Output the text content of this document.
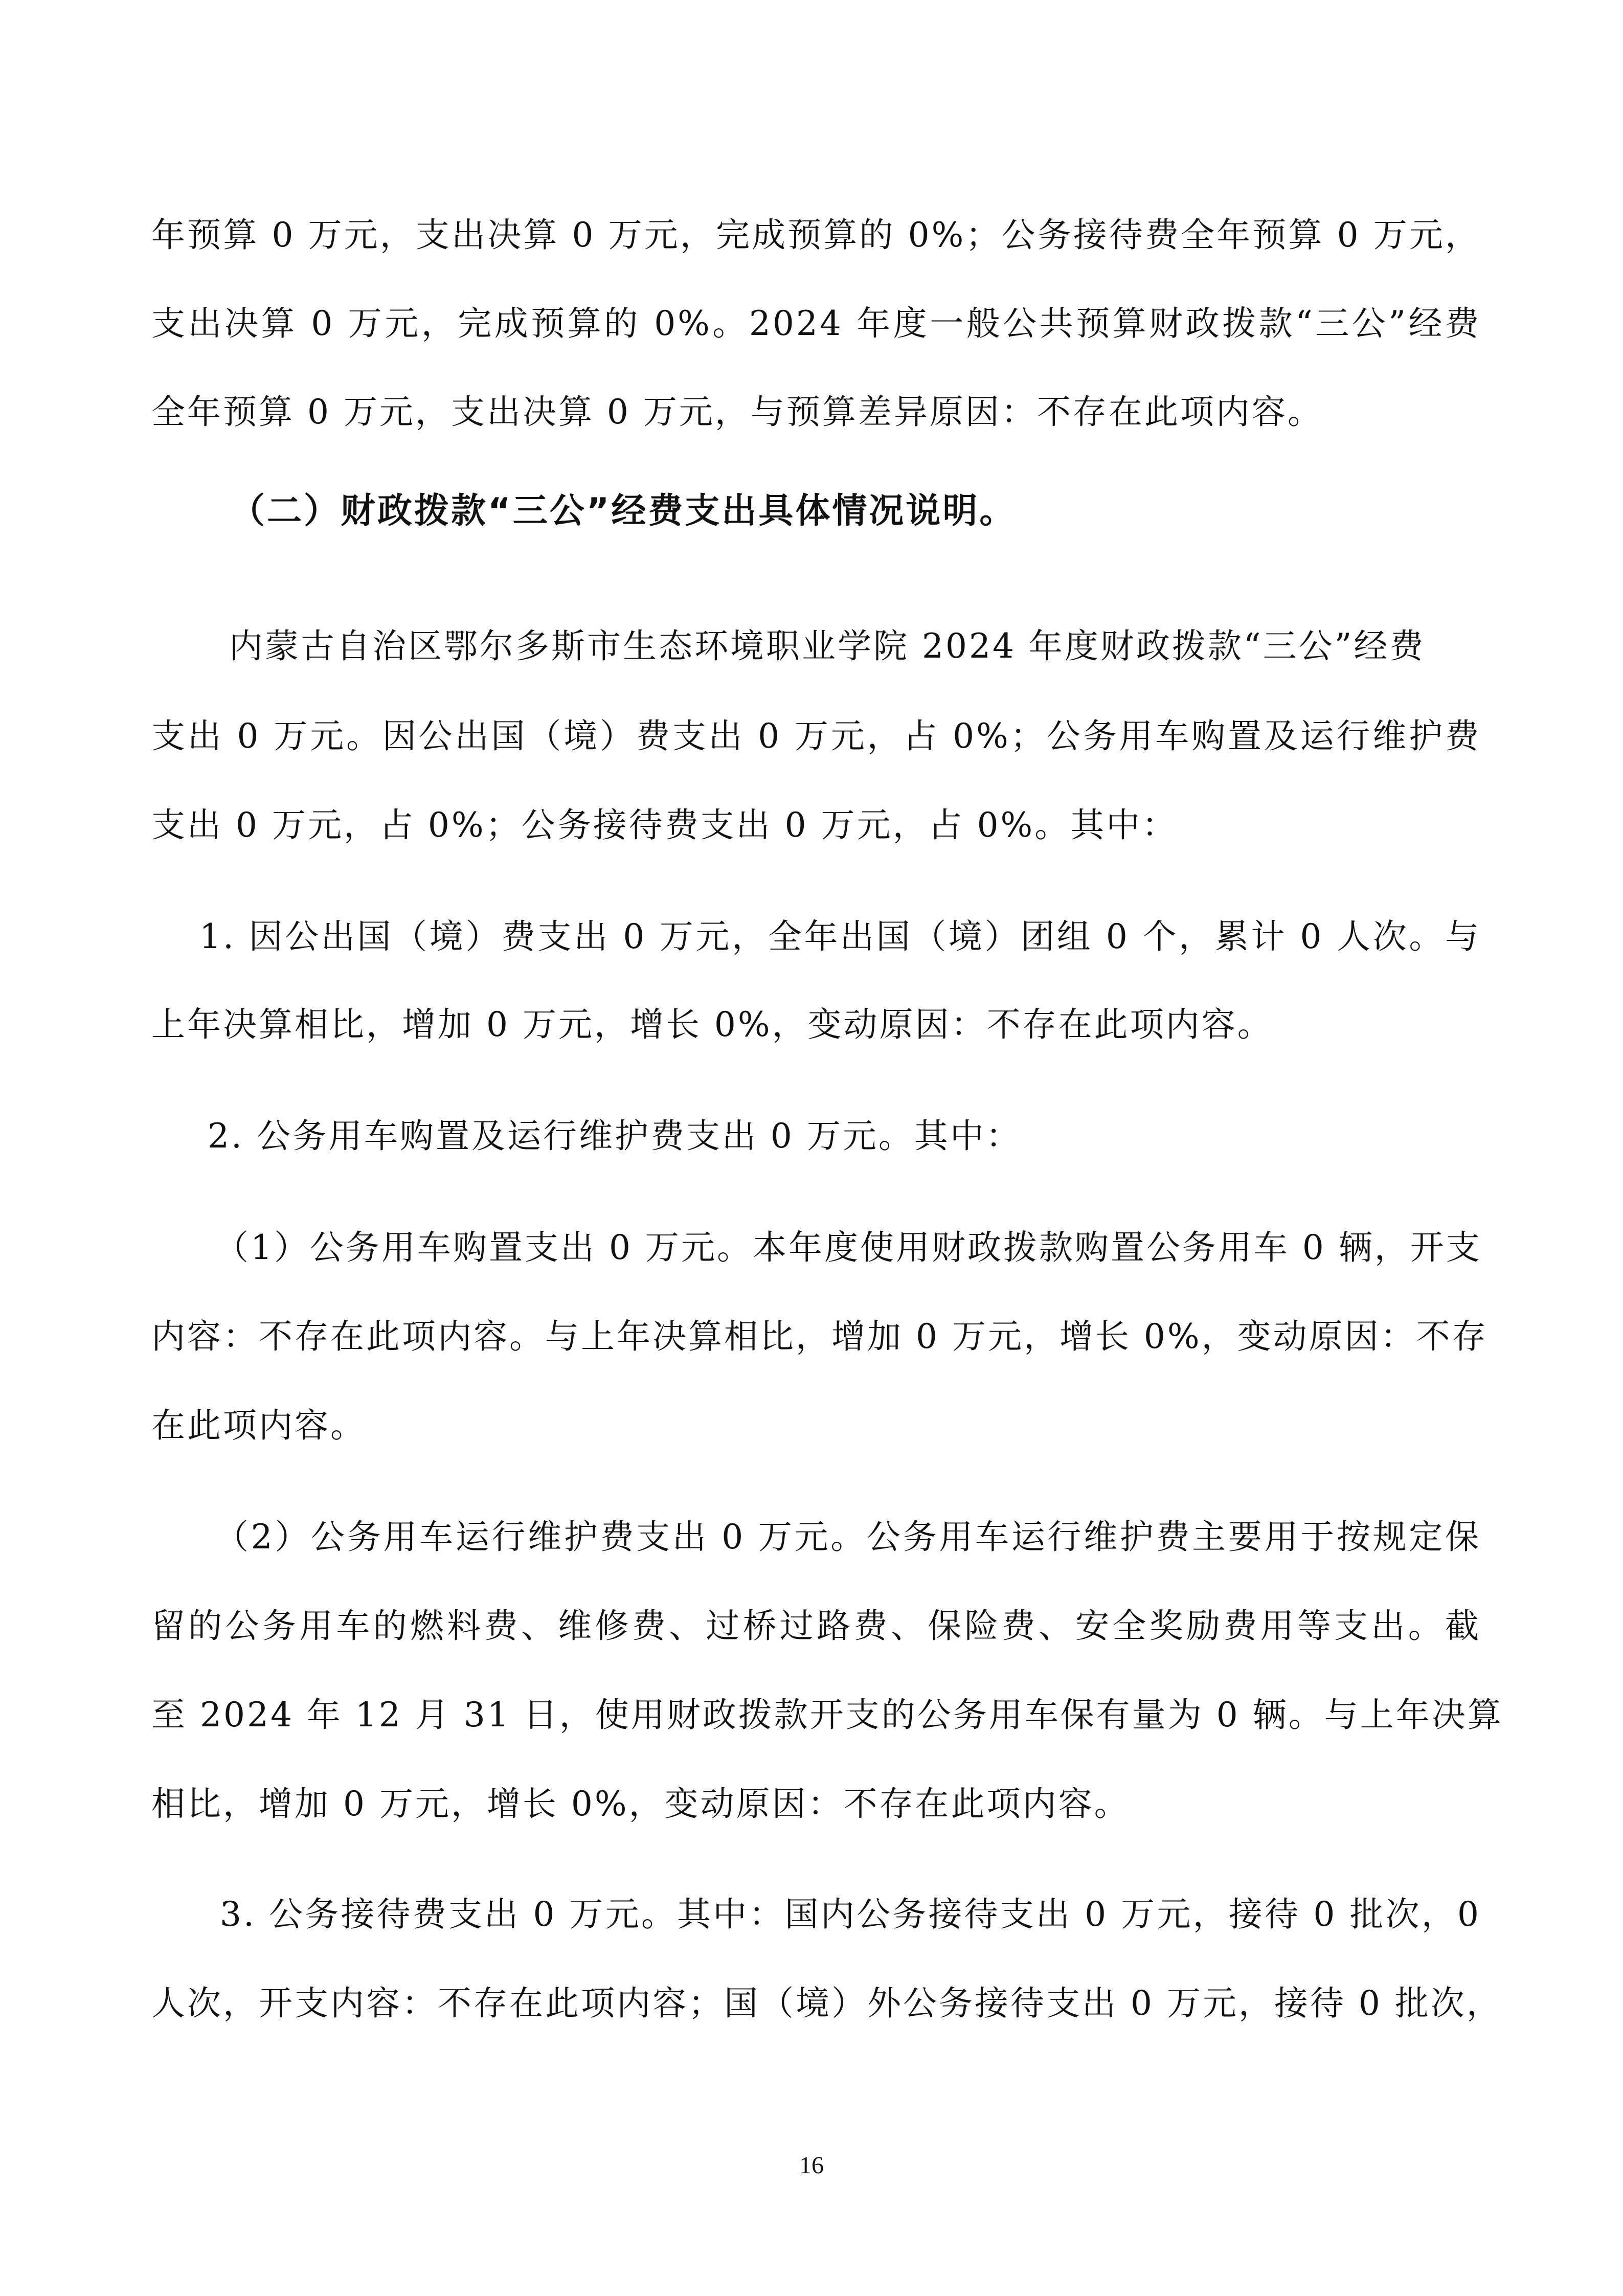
年预算 0 万元，支出决算 0 万元，完成预算的 0%；公务接待费全年预算 0 万元，
支出决算 0 万元，完成预算的 0%。2024 年度一般公共预算财政拨款“三公”经费
全年预算 0 万元，支出决算 0 万元，与预算差异原因：不存在此项内容。
（二）财政拨款“三公”经费支出具体情况说明。
内蒙古自治区鄂尔多斯市生态环境职业学院 2024 年度财政拨款“三公”经费
支出 0 万元。因公出国（境）费支出 0 万元，占 0%；公务用车购置及运行维护费
支出 0 万元，占 0%；公务接待费支出 0 万元，占 0%。其中：
1. 因公出国（境）费支出 0 万元，全年出国（境）团组 0 个，累计 0 人次。与
上年决算相比，增加 0 万元，增长 0%，变动原因：不存在此项内容。
2. 公务用车购置及运行维护费支出 0 万元。其中：
（1）公务用车购置支出 0 万元。本年度使用财政拨款购置公务用车 0 辆，开支
内容：不存在此项内容。与上年决算相比，增加 0 万元，增长 0%，变动原因：不存
在此项内容。
（2）公务用车运行维护费支出 0 万元。公务用车运行维护费主要用于按规定保
留的公务用车的燃料费、维修费、过桥过路费、保险费、安全奖励费用等支出。截
至 2024 年 12 月 31 日，使用财政拨款开支的公务用车保有量为 0 辆。与上年决算
相比，增加 0 万元，增长 0%，变动原因：不存在此项内容。
3. 公务接待费支出 0 万元。其中：国内公务接待支出 0 万元，接待 0 批次，0
人次，开支内容：不存在此项内容；国（境）外公务接待支出 0 万元，接待 0 批次，
16
